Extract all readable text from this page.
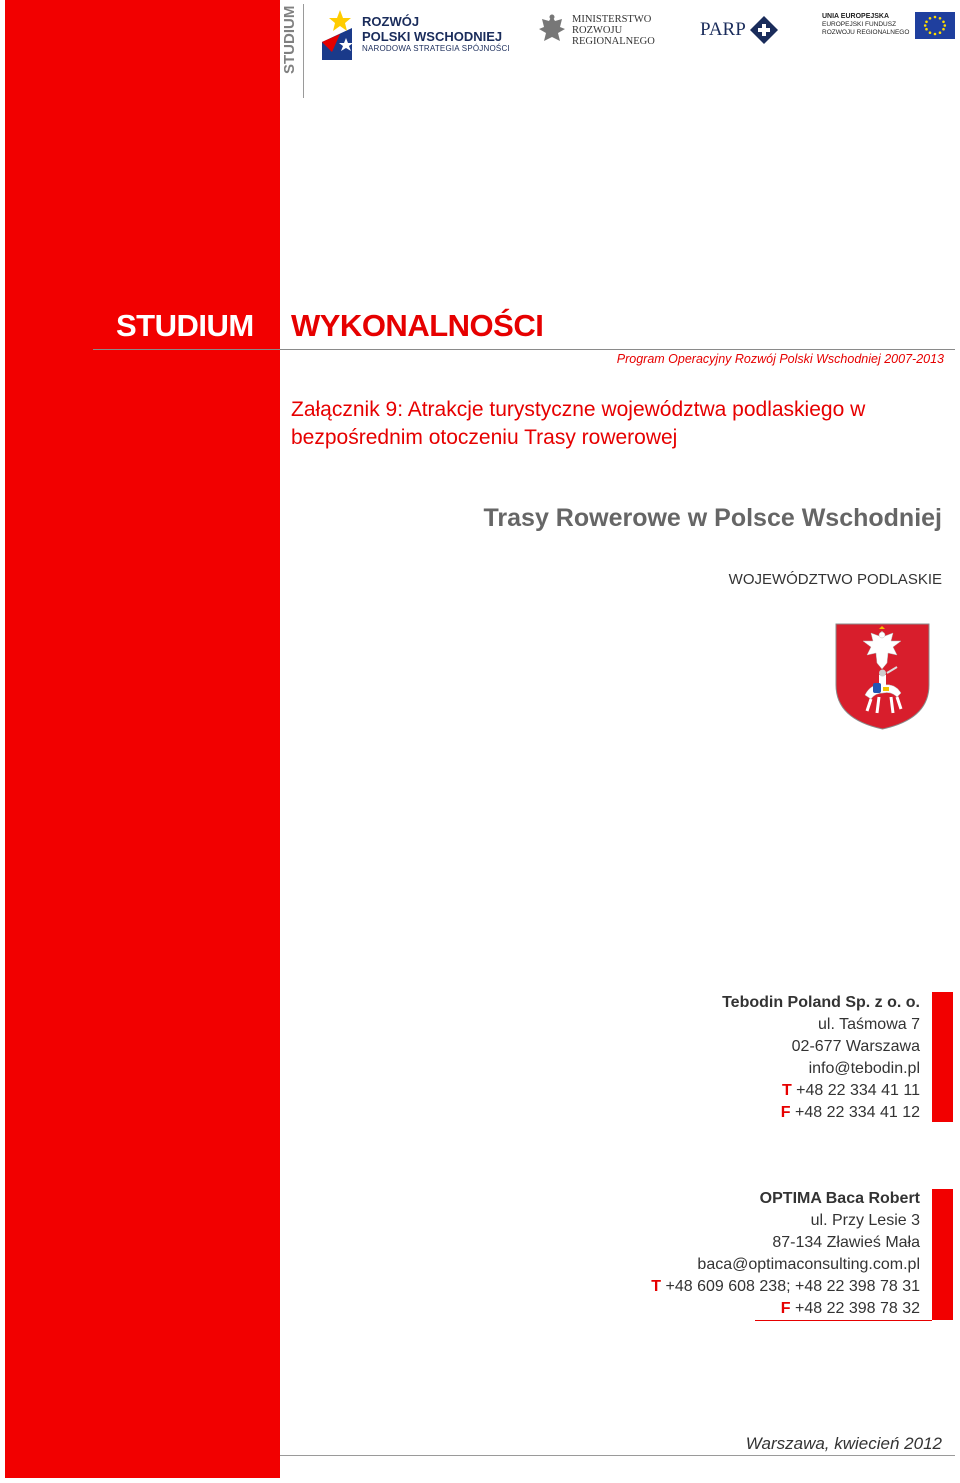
STUDIUM	ROZWÓJ
POLSKI WSCHODNIEJ
NARODOWA STRATEGIA SPÓJNOŚCI
MINISTERSTWO
ROZWOJU
REGIONALNEGO
PARP
UNIA EUROPEJSKA
EUROPEJSKI FUNDUSZ
ROZWOJU REGIONALNEGO
STUDIUM WYKONALNOŚCI
Program Operacyjny Rozwój Polski Wschodniej 2007-2013
Załącznik 9: Atrakcje turystyczne województwa podlaskiego w bezpośrednim otoczeniu Trasy rowerowej
Trasy Rowerowe w Polsce Wschodniej
WOJEWÓDZTWO PODLASKIE
Tebodin Poland Sp. z o. o.
ul. Taśmowa 7
02-677 Warszawa
info@tebodin.pl
T +48 22 334 41 11
F +48 22 334 41 12
OPTIMA Baca Robert
ul. Przy Lesie 3
87-134 Zławieś Mała
baca@optimaconsulting.com.pl
T +48 609 608 238; +48 22 398 78 31
F +48 22 398 78 32
Warszawa, kwiecień 2012
